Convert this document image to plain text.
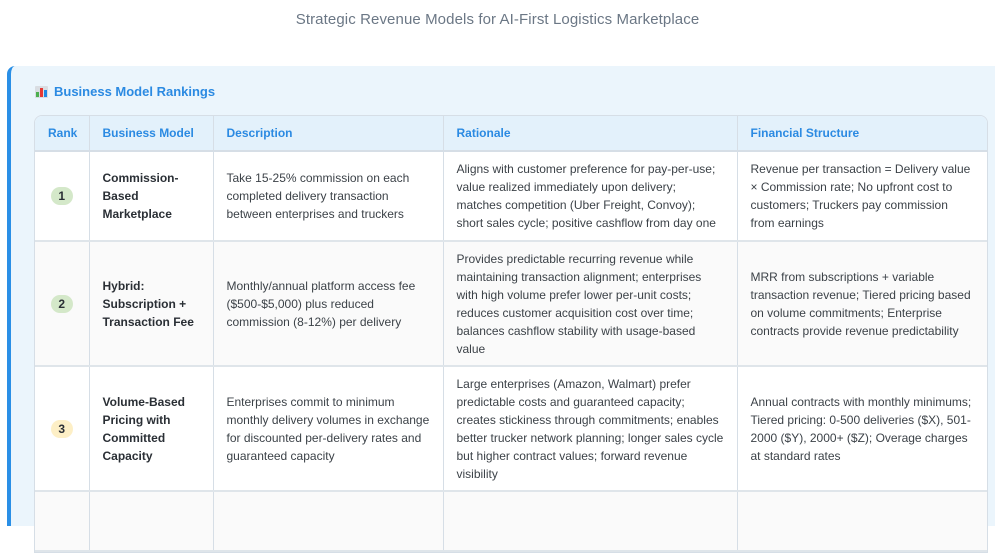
Strategic Revenue Models for AI-First Logistics Marketplace
Business Model Rankings
Rank	Business Model	Description	Rationale	Financial Structure
1	Commission-Based Marketplace	Take 15-25% commission on each completed delivery transaction between enterprises and truckers	Aligns with customer preference for pay-per-use; value realized immediately upon delivery; matches competition (Uber Freight, Convoy); short sales cycle; positive cashflow from day one	Revenue per transaction = Delivery value × Commission rate; No upfront cost to customers; Truckers pay commission from earnings
2	Hybrid: Subscription + Transaction Fee	Monthly/annual platform access fee ($500-$5,000) plus reduced commission (8-12%) per delivery	Provides predictable recurring revenue while maintaining transaction alignment; enterprises with high volume prefer lower per-unit costs; reduces customer acquisition cost over time; balances cashflow stability with usage-based value	MRR from subscriptions + variable transaction revenue; Tiered pricing based on volume commitments; Enterprise contracts provide revenue predictability
3	Volume-Based Pricing with Committed Capacity	Enterprises commit to minimum monthly delivery volumes in exchange for discounted per-delivery rates and guaranteed capacity	Large enterprises (Amazon, Walmart) prefer predictable costs and guaranteed capacity; creates stickiness through commitments; enables better trucker network planning; longer sales cycle but higher contract values; forward revenue visibility	Annual contracts with monthly minimums; Tiered pricing: 0-500 deliveries ($X), 501-2000 ($Y), 2000+ ($Z); Overage charges at standard rates
